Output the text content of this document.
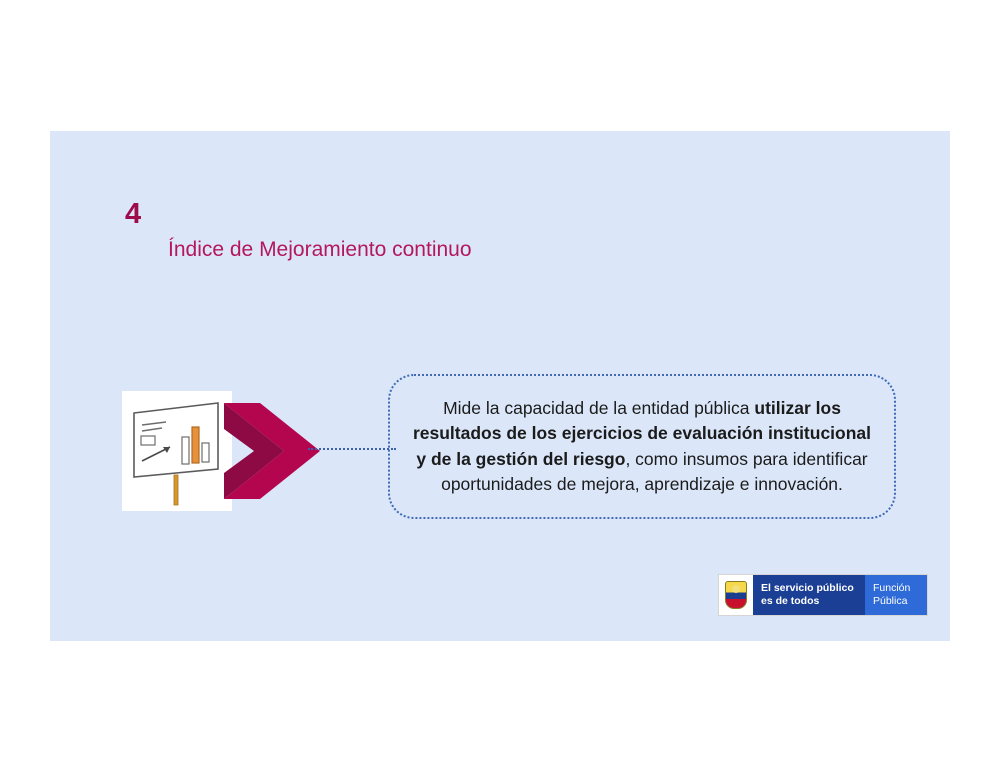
4
Índice de Mejoramiento continuo
Mide la capacidad de la entidad pública utilizar los resultados de los ejercicios de evaluación institucional y de la gestión del riesgo, como insumos para identificar oportunidades de mejora, aprendizaje e innovación.
El servicio público
es de todos
Función
Pública
